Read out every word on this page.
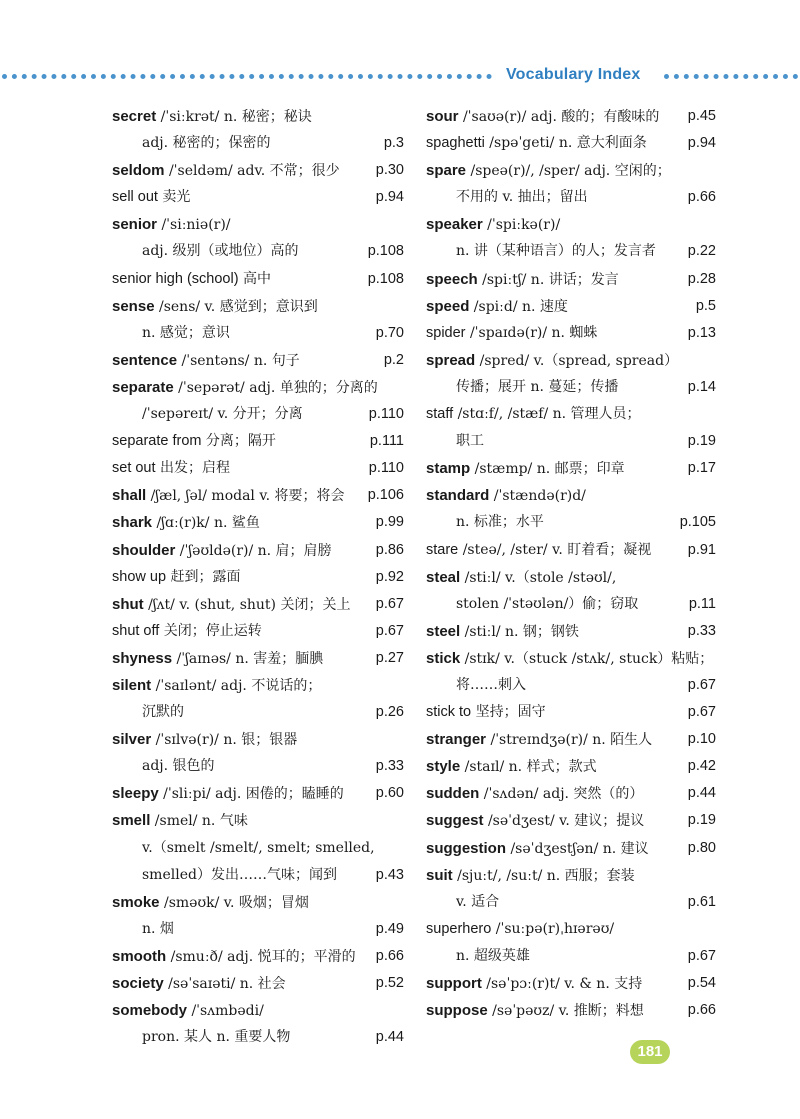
Vocabulary Index
secret /ˈsiːkrət/ n. 秘密；秘诀
adj. 秘密的；保密的	p.3
seldom /ˈseldəm/ adv. 不常；很少 p.30
sell out 卖光	p.94
senior /ˈsiːniə(r)/
adj. 级别（或地位）高的	p.108
senior high (school) 高中	p.108
sense /sens/ v. 感觉到；意识到
n. 感觉；意识	p.70
sentence /ˈsentəns/ n. 句子	p.2
separate /ˈsepərət/ adj. 单独的；分离的
/ˈsepəreɪt/ v. 分开；分离	p.110
separate from 分离；隔开	p.111
set out 出发；启程	p.110
shall /ʃæl, ʃəl/ modal v. 将要；将会 p.106
shark /ʃɑː(r)k/ n. 鲨鱼	p.99
shoulder /ˈʃəʊldə(r)/ n. 肩；肩膀	p.86
show up 赶到；露面	p.92
shut /ʃʌt/ v. (shut, shut) 关闭；关上 p.67
shut off 关闭；停止运转	p.67
shyness /ˈʃaɪnəs/ n. 害羞；腼腆	p.27
silent /ˈsaɪlənt/ adj. 不说话的；
沉默的	p.26
silver /ˈsɪlvə(r)/ n. 银；银器
adj. 银色的	p.33
sleepy /ˈsliːpi/ adj. 困倦的；瞌睡的 p.60
smell /smel/ n. 气味
v.（smelt /smelt/, smelt; smelled,
smelled）发出……气味；闻到	p.43
smoke /sməʊk/ v. 吸烟；冒烟
n. 烟	p.49
smooth /smuːð/ adj. 悦耳的；平滑的 p.66
society /səˈsaɪəti/ n. 社会	p.52
somebody /ˈsʌmbədi/
pron. 某人 n. 重要人物	p.44
sour /ˈsaʊə(r)/ adj. 酸的；有酸味的 p.45
spaghetti /spəˈgeti/ n. 意大利面条	p.94
spare /speə(r)/, /sper/ adj. 空闲的；
不用的 v. 抽出；留出	p.66
speaker /ˈspiːkə(r)/
n. 讲（某种语言）的人；发言者 p.22
speech /spiːtʃ/ n. 讲话；发言	p.28
speed /spiːd/ n. 速度	p.5
spider /ˈspaɪdə(r)/ n. 蜘蛛	p.13
spread /spred/ v.（spread, spread）
传播；展开 n. 蔓延；传播	p.14
staff /stɑːf/, /stæf/ n. 管理人员；
职工	p.19
stamp /stæmp/ n. 邮票；印章	p.17
standard /ˈstændə(r)d/
n. 标准；水平	p.105
stare /steə/, /ster/ v. 盯着看；凝视	p.91
steal /stiːl/ v.（stole /stəʊl/,
stolen /ˈstəʊlən/）偷；窃取	p.11
steel /stiːl/ n. 钢；钢铁	p.33
stick /stɪk/ v.（stuck /stʌk/, stuck）粘贴；
将……刺入	p.67
stick to 坚持；固守	p.67
stranger /ˈstreɪndʒə(r)/ n. 陌生人 p.10
style /staɪl/ n. 样式；款式	p.42
sudden /ˈsʌdən/ adj. 突然（的）	p.44
suggest /səˈdʒest/ v. 建议；提议	p.19
suggestion /səˈdʒestʃən/ n. 建议	p.80
suit /sjuːt/, /suːt/ n. 西服；套装
v. 适合	p.61
superhero /ˈsuːpə(r)ˌhɪərəʊ/
n. 超级英雄	p.67
support /səˈpɔː(r)t/ v. & n. 支持	p.54
suppose /səˈpəʊz/ v. 推断；料想	p.66
181
